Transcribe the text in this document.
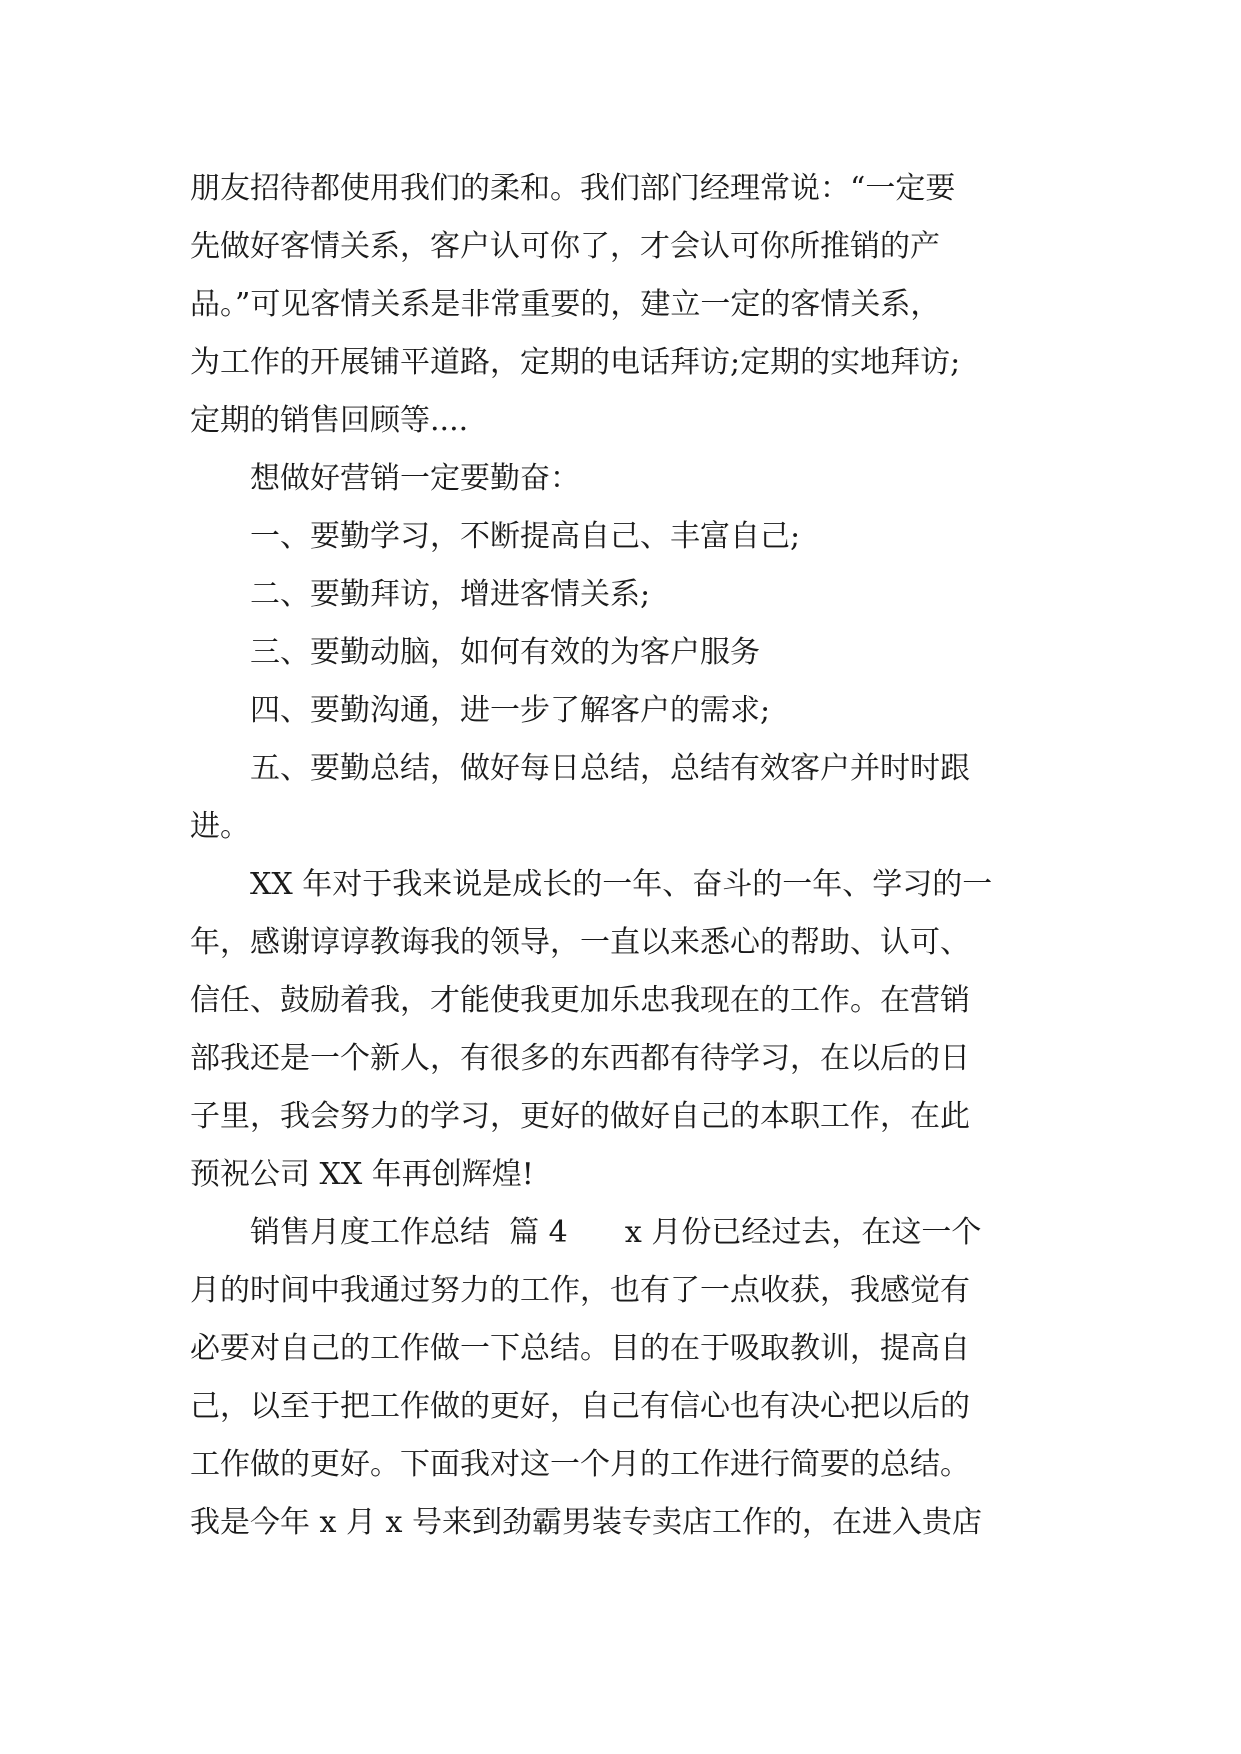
朋友招待都使用我们的柔和。我们部门经理常说：“一定要
先做好客情关系，客户认可你了，才会认可你所推销的产
品。”可见客情关系是非常重要的，建立一定的客情关系，
为工作的开展铺平道路，定期的电话拜访;定期的实地拜访;
定期的销售回顾等....
　　想做好营销一定要勤奋：
　　一、要勤学习，不断提高自己、丰富自己;
　　二、要勤拜访，增进客情关系;
　　三、要勤动脑，如何有效的为客户服务
　　四、要勤沟通，进一步了解客户的需求;
　　五、要勤总结，做好每日总结，总结有效客户并时时跟
进。
　　XX 年对于我来说是成长的一年、奋斗的一年、学习的一
年，感谢谆谆教诲我的领导，一直以来悉心的帮助、认可、
信任、鼓励着我，才能使我更加乐忠我现在的工作。在营销
部我还是一个新人，有很多的东西都有待学习，在以后的日
子里，我会努力的学习，更好的做好自己的本职工作，在此
预祝公司 XX 年再创辉煌!
　　销售月度工作总结  篇 4      x 月份已经过去，在这一个
月的时间中我通过努力的工作，也有了一点收获，我感觉有
必要对自己的工作做一下总结。目的在于吸取教训，提高自
己，以至于把工作做的更好，自己有信心也有决心把以后的
工作做的更好。下面我对这一个月的工作进行简要的总结。
我是今年 x 月 x 号来到劲霸男装专卖店工作的，在进入贵店
